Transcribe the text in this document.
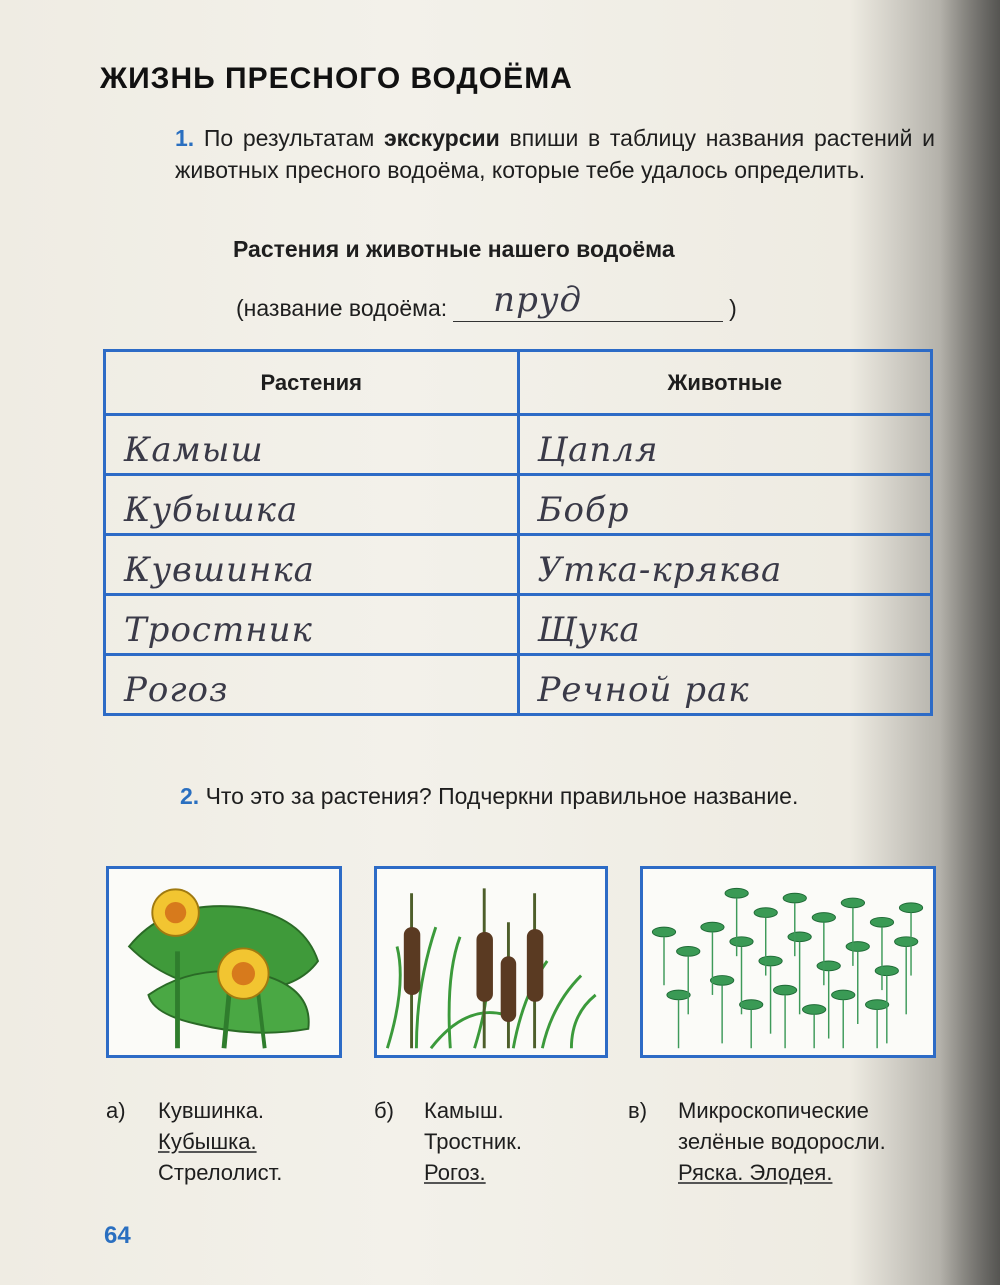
ЖИЗНЬ ПРЕСНОГО ВОДОЁМА
1. По результатам экскурсии впиши в таблицу названия растений и животных пресного водоёма, которые тебе удалось определить.
Растения и животные нашего водоёма
(название водоёма: пруд	)
Растения	Животные

Камыш	Цапля

Кубышка	Бобр

Кувшинка	Утка-кряква

Тростник	Щука

Рогоз	Речной рак
2. Что это за растения? Подчеркни правильное название.
а) Кувшинка.
Кубышка.
Стрелолист.
б) Камыш.
Тростник.
Рогоз.
в) Микроскопические
зелёные водоросли.
Ряска. Элодея.
64
